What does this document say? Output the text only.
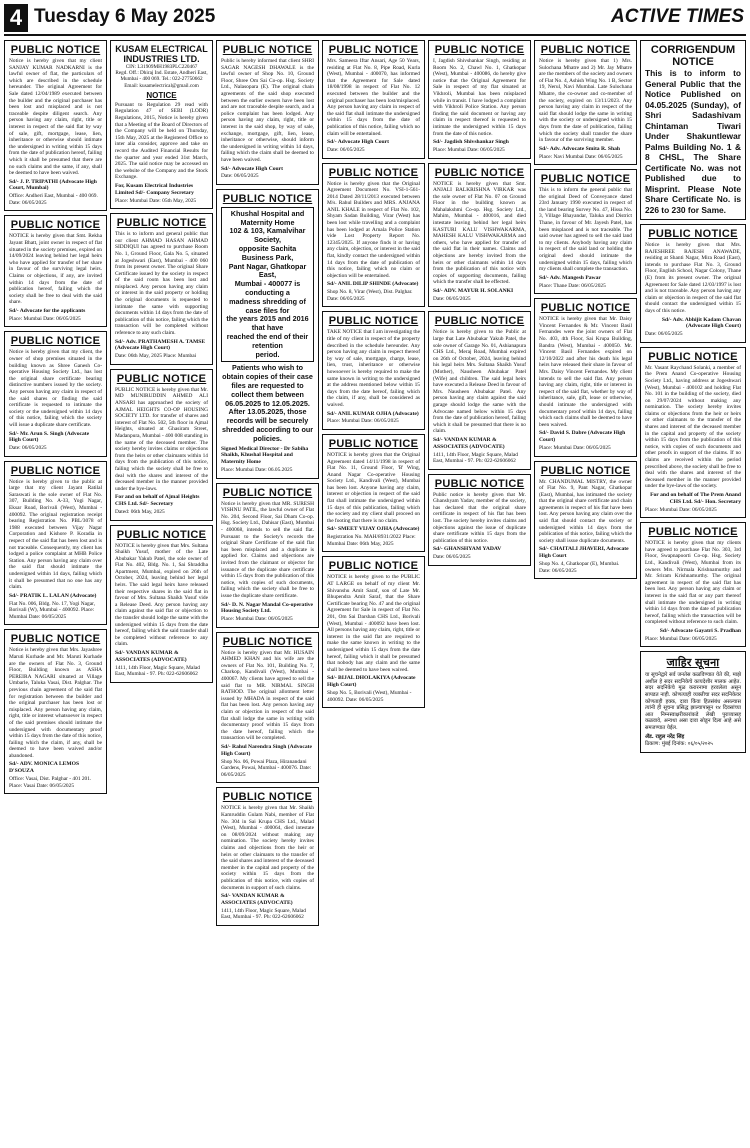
4 Tuesday 6 May 2025	ACTIVE TIMES
PUBLIC NOTICE
Notice is hereby given that my client SANJAY KUMAR NADKARNI is the lawful owner of flat, the particulars of which are described in the schedule hereunder. The original Agreement for Sale dated 12/04/1989 executed between the builder and the original purchaser has been lost and misplaced and is not traceable despite diligent search. Any person having any claim, right, title or interest in respect of the said flat by way of sale, gift, mortgage, lease, lien, inheritance or otherwise should intimate the undersigned in writing within 15 days from the date of publication hereof, failing which it shall be presumed that there are no such claims and the same, if any, shall be deemed to have been waived.
Sd/- J. P. TRIPATHI (Advocate High Court, Mumbai)
Office: Andheri East, Mumbai - 400 069. Date: 06/05/2025
PUBLIC NOTICE
NOTICE is hereby given that Smt. Rekha Jayant Bhatt, joint owner in respect of flat situated in the society premises, expired on 14/09/2024 leaving behind her legal heirs who have applied for transfer of her share in favour of the surviving legal heirs. Claims or objections, if any, are invited within 14 days from the date of publication hereof, failing which the society shall be free to deal with the said share.
Sd/- Advocate for the applicants
Place: Mumbai Date: 06/05/2025
PUBLIC NOTICE
Notice is hereby given that my client, the owner of shop premises situated in the building known as Shree Ganesh Co-operative Housing Society Ltd., has lost the original share certificate bearing distinctive numbers issued by the society. Any person having any claim in respect of the said shares or finding the said certificate is requested to intimate the society or the undersigned within 14 days of this notice, failing which the society will issue a duplicate share certificate.
Sd/- Mr. Arun S. Singh (Advocate High Court)
Date: 06/05/2025
PUBLIC NOTICE
Notice is hereby given to the public at large that my client Jayant Ratilal Saraswati is the sole owner of Flat No. 307, Building No. A-33, Yogi Nagar, Eksar Road, Borivali (West), Mumbai - 400092. The original registration receipt bearing Registration No. PBL/3078 of 1988 executed between Vijay Nagar Corporation and Kishore P. Koradia in respect of the said flat has been lost and is not traceable. Consequently, my client has lodged a police complaint at MHB Police Station. Any person having any claim over the said flat should intimate the undersigned within 14 days, failing which it shall be presumed that no one has any claim.
Sd/- PRATIK L. LALAN (Advocate)
Flat No. 006, Bldg. No. 17, Yogi Nagar, Borivali (W), Mumbai - 400092. Place: Mumbai Date: 06/05/2025
PUBLIC NOTICE
Notice is hereby given that Mrs. Jayashree Maruti Kurhade and Mr. Maruti Kurhade are the owners of Flat No. 3, Ground Floor, Building known as ASHA PEREIRA NAGARI situated at Village Umbarle, Taluka Vasai, Dist. Palghar. The previous chain agreement of the said flat for registration between the builder and the original purchaser has been lost or misplaced. Any person having any claim, right, title or interest whatsoever in respect of the said premises should intimate the undersigned with documentary proof within 15 days from the date of this notice, failing which the claim, if any, shall be deemed to have been waived and/or abandoned.
Sd/- ADV. MONICA LEMOS D'SOUZA
Office: Vasai, Dist. Palghar - 401 201. Place: Vasai Date: 06/05/2025
KUSAM ELECTRICAL INDUSTRIES LTD.
CIN: L31909MH1983PLC220467
Regd. Off.: Dhiraj Ind. Estate, Andheri East, Mumbai - 400 069. Tel.: 022-27750662
Email: kusamelectrical@gmail.com
NOTICE
Pursuant to Regulation 29 read with Regulation 47 of SEBI (LODR) Regulations, 2015, Notice is hereby given that a Meeting of the Board of Directors of the Company will be held on Thursday, 15th May, 2025 at the Registered Office to inter alia consider, approve and take on record the Audited Financial Results for the quarter and year ended 31st March, 2025. The said notice may be accessed on the website of the Company and the Stock Exchange.
For, Kusam Electrical Industries Limited Sd/- Company Secretary
Place: Mumbai Date: 05th May, 2025
PUBLIC NOTICE
This is to inform and general public that our client AHMAD HASAN AHMAD SIDDIQUI has agreed to purchase Room No. 1, Ground Floor, Gala No. 5, situated at Jogeshwari (East), Mumbai - 400 060 from its present owner. The original Share Certificate issued by the society in respect of the said room has been lost and misplaced. Any person having any claim or interest in the said property or holding the original documents is requested to intimate the same with supporting documents within 14 days from the date of publication of this notice, failing which the transaction will be completed without reference to any such claim.
Sd/- Adv. PRATHAMESH A. TAMSE (Advocate High Court)
Date: 06th May, 2025 Place: Mumbai
PUBLIC NOTICE
PUBLIC NOTICE is hereby given that Mr. MD MUNIRUDDIN AHMED ALI ANSARI has approached the society of AJMAL HEIGHTS CO-OP HOUSING SOCIETY LTD. for transfer of shares and interest of Flat No. 502, 5th floor in Ajmal Heights, situated at Ghasiram Street, Madanpura, Mumbai - 400 008 standing in the name of the deceased member. The society hereby invites claims or objections from the heirs or other claimants within 14 days from the publication of this notice, failing which the society shall be free to deal with the shares and interest of the deceased member in the manner provided under the bye-laws.
For and on behalf of Ajmal Heights CHS Ltd. Sd/- Secretary
Dated: 06th May, 2025
PUBLIC NOTICE
NOTICE is hereby given that Mrs. Sultana Shaikh Yusuf, mother of the Late Abubakar Yakub Patel, the sole owner of Flat No. 402, Bldg. No. 1, Sai Shraddha Apartment, Mumbai, expired on 26th of October, 2024, leaving behind her legal heirs. The said legal heirs have released their respective shares in the said flat in favour of Mrs. Sultana Shaikh Yusuf vide a Release Deed. Any person having any claim against the said flat or objection to the transfer should lodge the same with the undersigned within 15 days from the date hereof, failing which the said transfer shall be completed without reference to any claim.
Sd/- VANDAN KUMAR & ASSOCIATES (ADVOCATE)
1411, 14th Floor, Magic Square, Malad East, Mumbai - 97. Ph: 022-62606062
PUBLIC NOTICE
Public is hereby informed that client SHRI SAGAR NAGESH DHAWALE is the lawful owner of Shop No. 10, Ground Floor, Shree Om Sai Co-op. Hsg. Society Ltd., Nalasopara (E). The original chain agreements of the said shop executed between the earlier owners have been lost and are not traceable despite search, and a police complaint has been lodged. Any person having any claim, right, title or interest in the said shop, by way of sale, exchange, mortgage, gift, lien, lease, inheritance or otherwise, should inform the undersigned in writing within 14 days, failing which the claim shall be deemed to have been waived.
Sd/- Advocate High Court
Date: 06/05/2025
PUBLIC NOTICE
Khushal Hospital and Maternity Home
102 & 103, Kamalvihar Society,
opposite Sachita Business Park,
Pant Nagar, Ghatkopar East,
Mumbai - 400077 is conducting a
madness shredding of case files for
the years 2015 and 2016 that have
reached the end of their retention
period.
Patients who wish to obtain copies of their case files are requested to collect them between 06.05.2025 to 12.05.2025. After 13.05.2025, those records will be securely shredded according to our policies.
Signed Medical Director - Dr Sabiha Shaikh, Khushal Hospital and Maternity Home
Place: Mumbai Date: 06.05.2025
PUBLIC NOTICE
Notice is hereby given that MR. SURESH VISHNU PATIL, the lawful owner of Flat No. 204, Second Floor, Sai Dham Co-op. Hsg. Society Ltd., Dahisar (East), Mumbai - 400068, intends to sell the said flat. Pursuant to the Society's records the original Share Certificate of the said flat has been misplaced and a duplicate is applied for. Claims and objections are invited from the claimant or objector for issuance of the duplicate share certificate within 15 days from the publication of this notice, with copies of such documents, failing which the society shall be free to issue the duplicate share certificate.
Sd/- D. N. Nagar Mandal Co-operative Housing Society Ltd.
Place: Mumbai Date: 06/05/2025
PUBLIC NOTICE
Notice is hereby given that Mr. HUSAIN AHMED KHAN and his wife are the owners of Flat No. 101, Building No. 7, Charkop, Kandivali (West), Mumbai - 400067. My clients have agreed to sell the said flat to MR. NIRMAL SINGH RATHOD. The original allotment letter issued by MHADA in respect of the said flat has been lost. Any person having any claim or objection in respect of the said flat shall lodge the same in writing with documentary proof within 15 days from the date hereof, failing which the transaction will be completed.
Sd/- Rahul Narendra Singh (Advocate High Court)
Shop No. 06, Powai Plaza, Hiranandani Gardens, Powai, Mumbai - 400076. Date: 06/05/2025
PUBLIC NOTICE
NOTICE is hereby given that Mr. Shaikh Kamruddin Gulam Nabi, member of Flat No. 304 in Sai Krupa CHS Ltd., Malad (West), Mumbai - 400064, died intestate on 08/09/2024 without making any nomination. The society hereby invites claims and objections from the heir or heirs or other claimants to the transfer of the said shares and interest of the deceased member in the capital and property of the society within 15 days from the publication of this notice, with copies of documents in support of such claims.
Sd/- VANDAN KUMAR & ASSOCIATES (ADVOCATE)
1411, 14th Floor, Magic Square, Malad East, Mumbai - 97. Ph: 022-62606062
PUBLIC NOTICE
Mrs. Sameera Iftar Ansari, Age 50 Years, residing at Flat No. 8, Pipe Road, Kurla (West), Mumbai - 400070, has informed that the Agreement for Sale dated 18/08/1998 in respect of Flat No. 12 executed between the builder and the original purchaser has been lost/misplaced. Any person having any claim in respect of the said flat shall intimate the undersigned within 15 days from the date of publication of this notice, failing which no claim will be entertained.
Sd/- Advocate High Court
Date: 06/05/2025
PUBLIC NOTICE
Notice is hereby given that the Original Agreement Document No. VSI-1-561-2014 Dated 28/11/2013 executed between M/s. Rahul Builders and MRS. ANJANA ANIL KHALE in respect of Flat No. 102, Shyam Sadan Building, Virar (West) has been lost while travelling and a complaint has been lodged at Arnala Police Station vide Lost Property Report No. 12345/2025. If anyone finds it or having any claim, objection, or interest in the said flat, kindly contact the undersigned within 14 days from the date of publication of this notice, failing which no claim or objection will be entertained.
Sd/- ANIL DILIP SHINDE (Advocate)
Shop No. 8, Virar (West), Dist. Palghar. Date: 06/05/2025
PUBLIC NOTICE
TAKE NOTICE that I am investigating the title of my client in respect of the property described in the schedule hereunder. Any person having any claim in respect thereof by way of sale, mortgage, charge, lease, lien, trust, inheritance or otherwise howsoever is hereby required to make the same known in writing to the undersigned at the address mentioned below within 15 days from the date hereof, failing which the claim, if any, shall be considered as waived.
Sd/- ANIL KUMAR OJHA (Advocate)
Place: Mumbai Date: 06/05/2025
PUBLIC NOTICE
NOTICE is hereby given that the Original Agreement dated 14/11/1998 in respect of Flat No. 11, Ground Floor, 'B' Wing, Anand Nagar Co-operative Housing Society Ltd., Kandivali (West), Mumbai has been lost. Anyone having any claim, interest or objection in respect of the said flat shall intimate the undersigned within 15 days of this publication, failing which the society and my client shall proceed on the footing that there is no claim.
Sd/- SMEET VIJAY OJHA (Advocate)
Registration No. MAH/8931/2022 Place: Mumbai Date: 06th May, 2025
PUBLIC NOTICE
NOTICE is hereby given to the PUBLIC AT LARGE on behalf of my client Mr. Shivanshu Amit Saraf, son of Late Mr. Bhupendra Amit Saraf, that the Share Certificate bearing No. 47 and the original Agreement for Sale in respect of Flat No. 201, Om Sai Darshan CHS Ltd., Borivali (West), Mumbai - 400092 have been lost. All persons having any claim, right, title or interest in the said flat are required to make the same known in writing to the undersigned within 15 days from the date hereof, failing which it shall be presumed that nobody has any claim and the same shall be deemed to have been waived.
Sd/- BIJAL DHOLAKIYA (Advocate High Court)
Shop No. 5, Borivali (West), Mumbai - 400092. Date: 06/05/2025
PUBLIC NOTICE
I, Jagdish Shivshankar Singh, residing at Room No. 2, Chawl No. 1, Ghatkopar (West), Mumbai - 400086, do hereby give notice that the Original Agreement for Sale in respect of my flat situated at Vikhroli, Mumbai has been misplaced while in transit. I have lodged a complaint with Vikhroli Police Station. Any person finding the said document or having any claim in respect thereof is requested to intimate the undersigned within 15 days from the date of this notice.
Sd/- Jagdish Shivshankar Singh
Place: Mumbai Date: 06/05/2025
PUBLIC NOTICE
NOTICE is hereby given that Smt. ANJALI BALKRISHNA VIRKAR was the sole owner of Flat No. 07 on Ground Floor in the building known as Mahalakshmi Co-op. Hsg. Society Ltd., Mahim, Mumbai - 400016, and died intestate leaving behind her legal heirs KASTURI KALU VISHWAKARMA, MAHESH KALU VISHWAKARMA and others, who have applied for transfer of the said flat in their names. Claims and objections are hereby invited from the heirs or other claimants within 14 days from the publication of this notice with copies of supporting documents, failing which the transfer shall be effected.
Sd/- ADV. MAYUR H. SOLANKI
Date: 06/05/2025
PUBLIC NOTICE
Notice is hereby given to the Public at large that Late Abubakar Yakub Patel, the sole owner of Garage No. 01, Ashianapura CHS Ltd., Meraj Road, Mumbai expired on 26th of October, 2024, leaving behind his legal heirs Mrs. Sultana Shaikh Yusuf (Mother), Nausheen Abubakar Patel (Wife) and children. The said legal heirs have executed a Release Deed in favour of Mrs. Nausheen Abubakar Patel. Any person having any claim against the said garage should lodge the same with the Advocate named below within 15 days from the date of publication hereof, failing which it shall be presumed that there is no claim.
Sd/- VANDAN KUMAR & ASSOCIATES (ADVOCATE)
1411, 14th Floor, Magic Square, Malad East, Mumbai - 97. Ph: 022-62606062
PUBLIC NOTICE
Public notice is hereby given that Mr. Ghanshyam Yadav, member of the society, has declared that the original share certificate in respect of his flat has been lost. The society hereby invites claims and objections against the issue of duplicate share certificate within 15 days from the publication of this notice.
Sd/- GHANSHYAM YADAV
Date: 06/05/2025
PUBLIC NOTICE
Notice is hereby given that 1) Mrs. Sulochana Mhatre and 2) Mr. Jay Mhatre are the members of the society and owners of Flat No. 4, Ashish Wing No. 1 B, Sector 19, Nerul, Navi Mumbai. Late Sulochana Mhatre, the co-owner and co-member of the society, expired on 13/11/2023. Any person having any claim in respect of the said flat should lodge the same in writing with the society or undersigned within 15 days from the date of publication, failing which the society shall transfer the share in favour of the surviving member.
Sd/- Adv. Advocate Smita R. Shah
Place: Navi Mumbai Date: 06/05/2025
PUBLIC NOTICE
This is to inform the general public that the original Deed of Conveyance dated 23rd January 1990 executed in respect of the land bearing Survey No. 47, Hissa No. 3, Village Bhayandar, Taluka and District Thane, in favour of Mr. Jayesh Patel, has been misplaced and is not traceable. The said owner has agreed to sell the said land to my clients. Anybody having any claim in respect of the said land or holding the original deed should intimate the undersigned within 15 days, failing which my clients shall complete the transaction.
Sd/- Adv. Mangesh Pawar
Place: Thane Date: 06/05/2025
PUBLIC NOTICE
NOTICE is hereby given that Mr. Daisy Vincent Fernandes & Mr. Vincent Basil Fernandes were the joint owners of Flat No. 403, 4th Floor, Sai Krupa Building, Bandra (West), Mumbai - 400050. Mr. Vincent Basil Fernandes expired on 12/10/2022 and after his death his legal heirs have released their share in favour of Mrs. Daisy Vincent Fernandes. My client intends to sell the said flat. Any person having any claim, right, title or interest in respect of the said flat, whether by way of inheritance, sale, gift, lease or otherwise, should intimate the undersigned with documentary proof within 14 days, failing which such claims shall be deemed to have been waived.
Sd/- David S. Dabre (Advocate High Court)
Place: Mumbai Date: 06/05/2025
PUBLIC NOTICE
Mr. CHANDUMAL MISTRY, the owner of Flat No. 9, Pant Nagar, Ghatkopar (East), Mumbai, has intimated the society that the original share certificate and chain agreements in respect of his flat have been lost. Any person having any claim over the said flat should contact the society or undersigned within 14 days from the publication of this notice, failing which the society shall issue duplicate documents.
Sd/- CHAITALI JHAVERI, Advocate High Court
Shop No. 4, Ghatkopar (E), Mumbai. Date: 06/05/2025
CORRIGENDUM NOTICE
This is to inform to General Public that the Notice Published on 04.05.2025 (Sunday), of Shri Sadashivam Chintaman Tiwari Under Shakuntlewar Palms Building No. 1 & 8 CHSL, The Share Certificate No. was not Published due to Misprint. Please Note Share Certificate No. is 226 to 230 for Same.
PUBLIC NOTICE
Notice is hereby given that Mrs. RAJESHREE RAJESH ANAWADE, residing at Shanti Nagar, Mira Road (East), intends to purchase Flat No. 3, Ground Floor, English School, Nagar Colony, Thane (E) from its present owner. The original Agreement for Sale dated 12/03/1997 is lost and is not traceable. Any person having any claim or objection in respect of the said flat should contact the undersigned within 15 days of this notice.
Sd/- Adv. Abhijit Kadam Chavan (Advocate High Court)
Date: 06/05/2025
PUBLIC NOTICE
Mr. Vasant Raychand Solanki, a member of the Prem Anand Co-operative Housing Society Ltd., having address at Jogeshwari (West), Mumbai - 400102 and holding Flat No. 101 in the building of the society, died on 29/07/2024 without making any nomination. The society hereby invites claims or objections from the heir or heirs or other claimants to the transfer of the shares and interest of the deceased member in the capital and property of the society within 15 days from the publication of this notice, with copies of such documents and other proofs in support of the claims. If no claims are received within the period prescribed above, the society shall be free to deal with the shares and interest of the deceased member in the manner provided under the bye-laws of the society.
For and on behalf of The Prem Anand CHS Ltd. Sd/- Hon. Secretary
Place: Mumbai Date: 06/05/2025
PUBLIC NOTICE
NOTICE is hereby given that my clients have agreed to purchase Flat No. 303, 3rd Floor, Swapnapoorti Co-op. Hsg. Society Ltd., Kandivali (West), Mumbai from its owners Mrs. Nirmala Krishnamurthy and Mr. Sriram Krishnamurthy. The original agreement in respect of the said flat has been lost. Any person having any claim or interest in the said flat or any part thereof shall intimate the undersigned in writing within 14 days from the date of publication hereof, failing which the transaction will be completed without reference to such claim.
Sd/- Advocate Gayatri S. Pradhan
Place: Mumbai Date: 06/05/2025
जाहिर सूचना
या सूचनेद्वारे सर्व जनतेस कळविण्यात येते की, माझे अशील हे सदर सदनिकेचे कायदेशीर मालक आहेत. सदर सदनिकेचे मूळ करारनामा हरवलेला असून सापडत नाही. कोणत्याही व्यक्तीचा सदर सदनिकेवर कोणताही हक्क, दावा किंवा हितसंबंध असल्यास त्यांनी ही सूचना प्रसिद्ध झाल्यापासून १४ दिवसांच्या आत निम्नस्वाक्षरीकारांकडे लेखी पुराव्यासह कळवावे, अन्यथा असा दावा सोडून दिला आहे असे समजण्यात येईल.
ॲड. राहुल नरेंद्र सिंह
ठिकाण: मुंबई दिनांक: ०६/०५/२०२५
